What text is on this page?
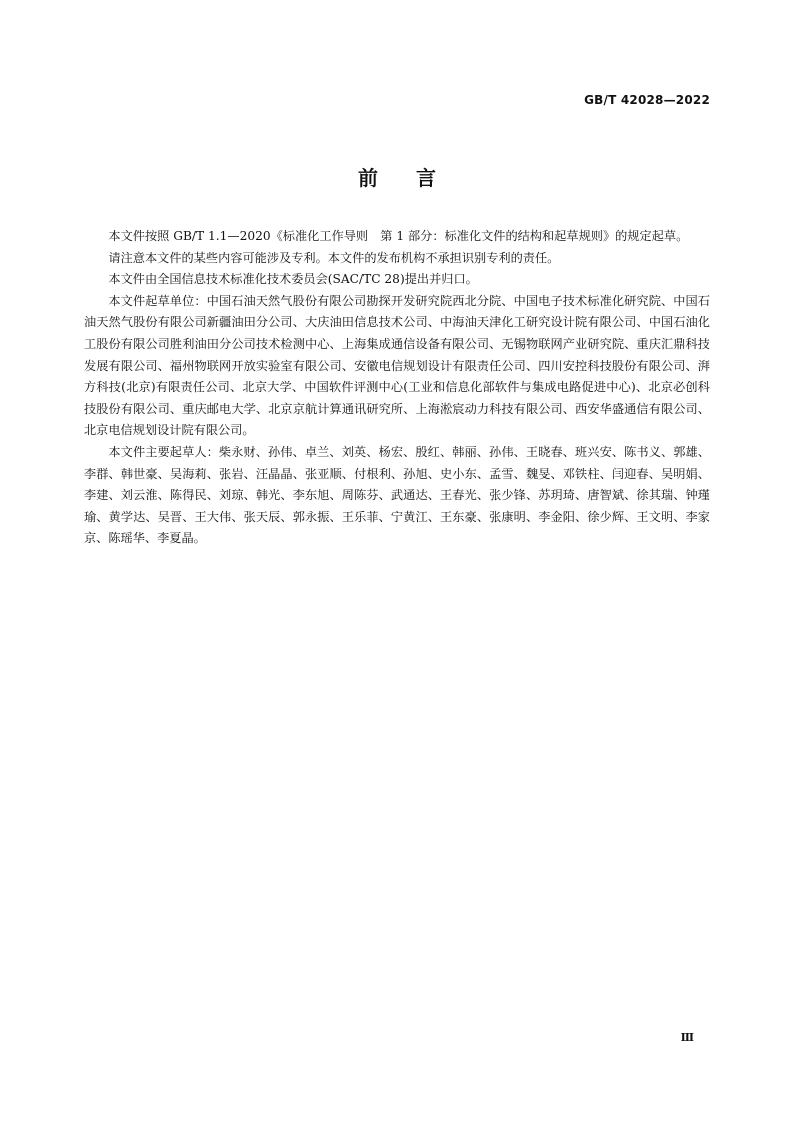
GB/T 42028—2022
前言

本文件按照 GB/T 1.1—2020《标准化工作导则　第 1 部分：标准化文件的结构和起草规则》的规定起草。

请注意本文件的某些内容可能涉及专利。本文件的发布机构不承担识别专利的责任。

本文件由全国信息技术标准化技术委员会(SAC/TC 28)提出并归口。

本文件起草单位：中国石油天然气股份有限公司勘探开发研究院西北分院、中国电子技术标准化研究院、中国石油天然气股份有限公司新疆油田分公司、大庆油田信息技术公司、中海油天津化工研究设计院有限公司、中国石油化工股份有限公司胜利油田分公司技术检测中心、上海集成通信设备有限公司、无锡物联网产业研究院、重庆汇鼎科技发展有限公司、福州物联网开放实验室有限公司、安徽电信规划设计有限责任公司、四川安控科技股份有限公司、湃方科技(北京)有限责任公司、北京大学、中国软件评测中心(工业和信息化部软件与集成电路促进中心)、北京必创科技股份有限公司、重庆邮电大学、北京京航计算通讯研究所、上海淞宸动力科技有限公司、西安华盛通信有限公司、北京电信规划设计院有限公司。

本文件主要起草人：柴永财、孙伟、卓兰、刘英、杨宏、殷红、韩丽、孙伟、王晓春、班兴安、陈书义、郭雄、李群、韩世豪、吴海莉、张岩、汪晶晶、张亚顺、付根利、孙旭、史小东、孟雪、魏旻、邓铁柱、闫迎春、吴明娟、李建、刘云淮、陈得民、刘琼、韩光、李东旭、周陈芬、武通达、王春光、张少锋、苏玥琦、唐智斌、徐其瑞、钟瑾瑜、黄学达、吴晋、王大伟、张天辰、郭永振、王乐菲、宁黄江、王东豪、张康明、李金阳、徐少辉、王文明、李家京、陈瑶华、李夏晶。

Ⅲ
